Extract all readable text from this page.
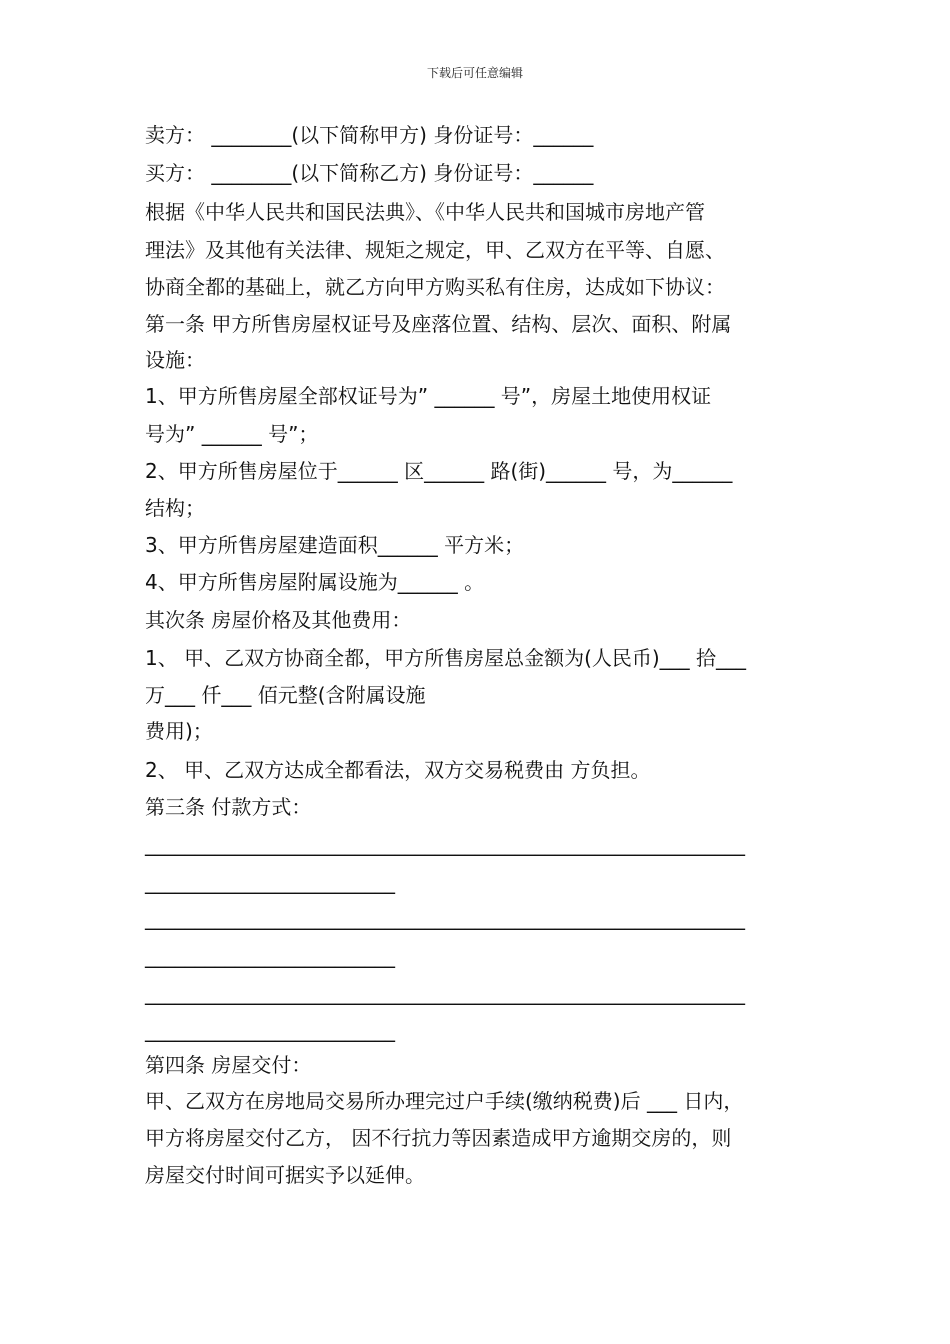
下载后可任意编辑
卖方： ________(以下简称甲方) 身份证号：______
买方： ________(以下简称乙方) 身份证号：______
根据《中华人民共和国民法典》、《中华人民共和国城市房地产管
理法》及其他有关法律、规矩之规定，甲、乙双方在平等、自愿、
协商全都的基础上，就乙方向甲方购买私有住房，达成如下协议：
第一条 甲方所售房屋权证号及座落位置、结构、层次、面积、附属
设施：
1、甲方所售房屋全部权证号为” ______ 号”，房屋土地使用权证
号为” ______ 号”；
2、甲方所售房屋位于______ 区______ 路(街)______ 号，为______
结构；
3、甲方所售房屋建造面积______ 平方米；
4、甲方所售房屋附属设施为______ 。
其次条 房屋价格及其他费用：
1、 甲、乙双方协商全都，甲方所售房屋总金额为(人民币)___ 拾___
万___ 仟___ 佰元整(含附属设施
费用)；
2、 甲、乙双方达成全都看法，双方交易税费由 方负担。
第三条 付款方式：
____________________________________________________________
_________________________
____________________________________________________________
_________________________
____________________________________________________________
_________________________
第四条 房屋交付：
甲、乙双方在房地局交易所办理完过户手续(缴纳税费)后 ___ 日内，
甲方将房屋交付乙方， 因不行抗力等因素造成甲方逾期交房的，则
房屋交付时间可据实予以延伸。
